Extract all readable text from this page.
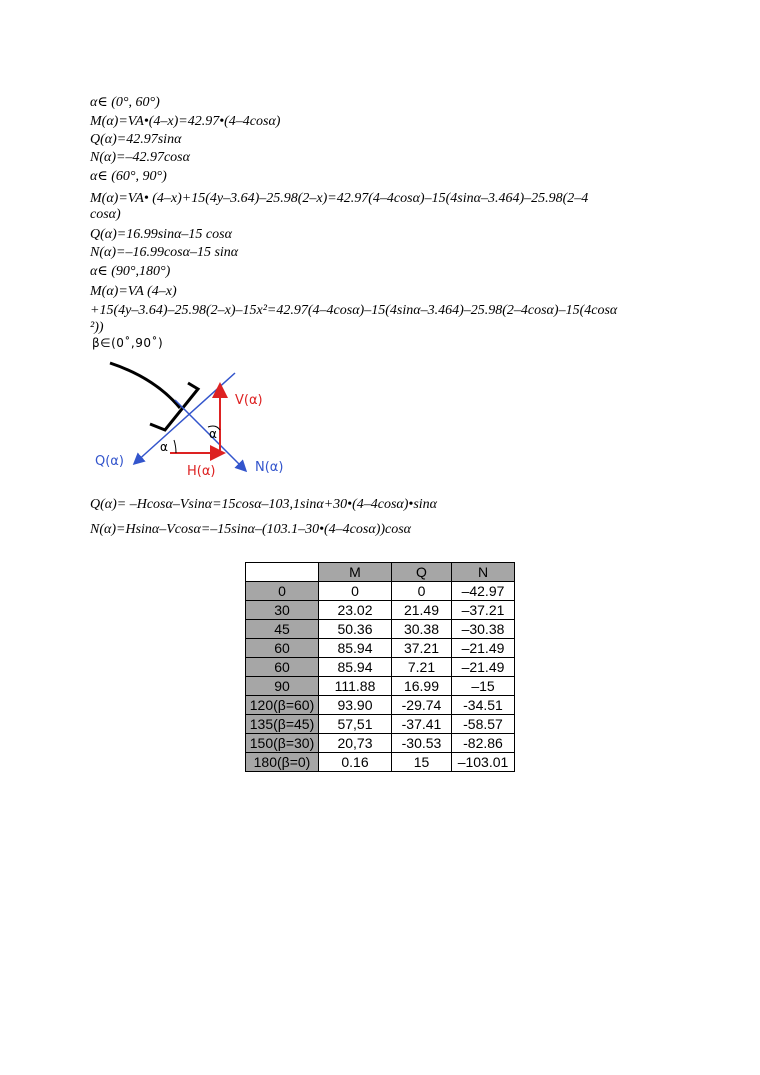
α∈ (0°, 60°)
M(α)=VA•(4–x)=42.97•(4–4cosα)
Q(α)=42.97sinα
N(α)=–42.97cosα
α∈ (60°, 90°)
M(α)=VA• (4–x)+15(4y–3.64)–25.98(2–x)=42.97(4–4cosα)–15(4sinα–3.464)–25.98(2–4
cosα)
Q(α)=16.99sinα–15 cosα
N(α)=–16.99cosα–15 sinα
α∈ (90°,180°)
M(α)=VA (4–x)
+15(4y–3.64)–25.98(2–x)–15x²=42.97(4–4cosα)–15(4sinα–3.464)–25.98(2–4cosα)–15(4cosα
²))
β∈(0˚,90˚)
V(α)
α
α
Q(α)
H(α)	N(α)
Q(α)= –Hcosα–Vsinα=15cosα–103,1sinα+30•(4–4cosα)•sinα
N(α)=Hsinα–Vcosα=–15sinα–(103.1–30•(4–4cosα))cosα
	M	Q	N
0	0	0	–42.97
30	23.02	21.49	–37.21
45	50.36	30.38	–30.38
60	85.94	37.21	–21.49
60	85.94	7.21	–21.49
90	111.88	16.99	–15
120(β=60)	93.90	-29.74	-34.51
135(β=45)	57,51	-37.41	-58.57
150(β=30)	20,73	-30.53	-82.86
180(β=0)	0.16	15	–103.01
